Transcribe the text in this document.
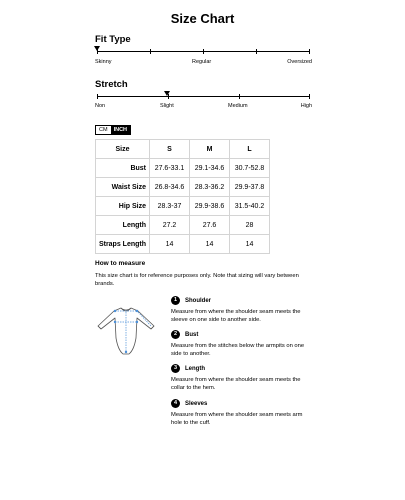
Size Chart
Fit Type
Skinny	Regular	Oversized
Stretch
Non	Slight	Medium	High
CM	INCH
Size	S	M	L
Bust	27.6-33.1	29.1-34.6	30.7-52.8
Waist Size	26.8-34.6	28.3-36.2	29.9-37.8
Hip Size	28.3-37	29.9-38.6	31.5-40.2
Length	27.2	27.6	28
Straps Length	14	14	14
How to measure
This size chart is for reference purposes only. Note that sizing will vary between brands.
1	Shoulder
Measure from where the shoulder seam meets the sleeve on one side to another side.
2	Bust
Measure from the stitches below the armpits on one side to another.
3	Length
Measure from where the shoulder seam meets the collar to the hem.
4	Sleeves
Measure from where the shoulder seam meets arm hole to the cuff.
